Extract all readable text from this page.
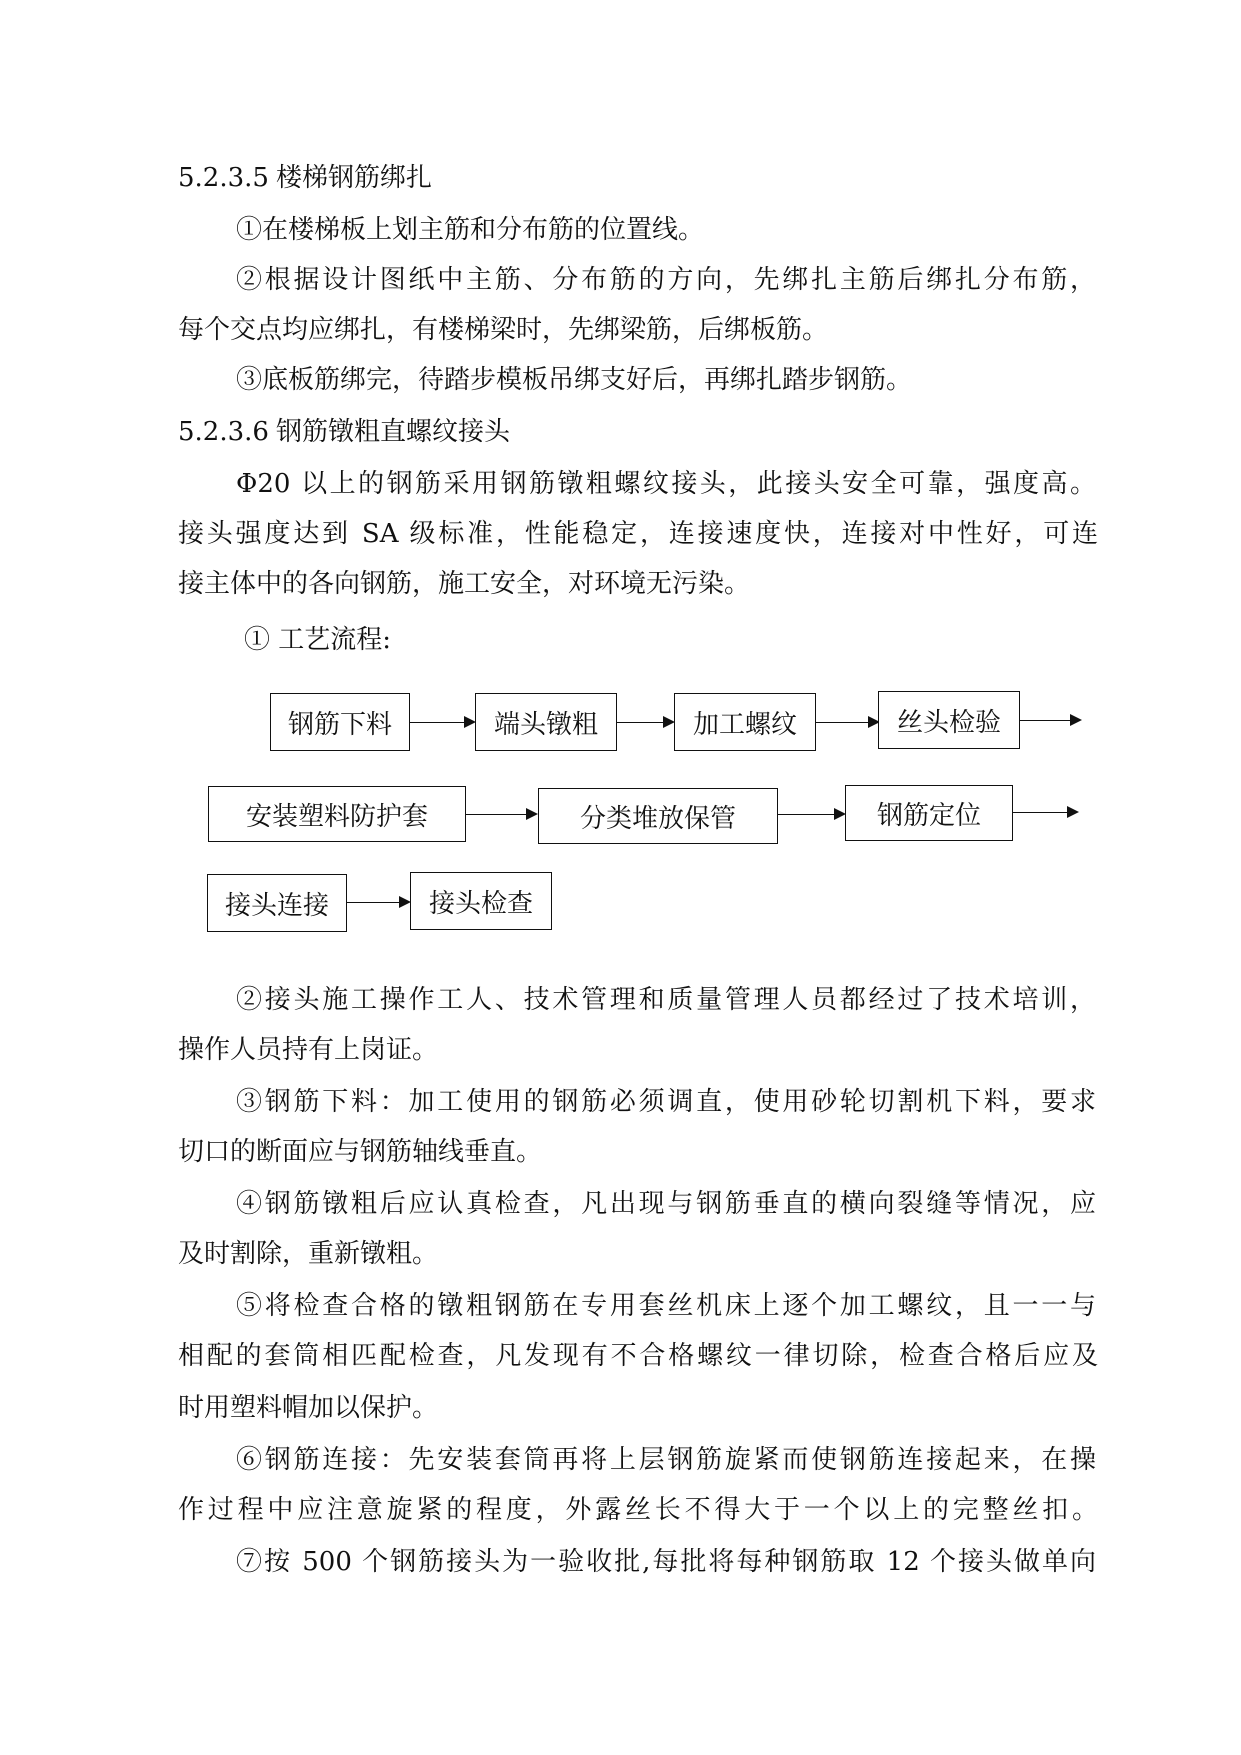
5.2.3.5 楼梯钢筋绑扎
①在楼梯板上划主筋和分布筋的位置线。
②根据设计图纸中主筋、分布筋的方向，先绑扎主筋后绑扎分布筋，
每个交点均应绑扎，有楼梯梁时，先绑梁筋，后绑板筋。
③底板筋绑完，待踏步模板吊绑支好后，再绑扎踏步钢筋。
5.2.3.6 钢筋镦粗直螺纹接头
Φ20 以上的钢筋采用钢筋镦粗螺纹接头，此接头安全可靠，强度高。
接头强度达到 SA 级标准，性能稳定，连接速度快，连接对中性好，可连
接主体中的各向钢筋，施工安全，对环境无污染。
① 工艺流程:
钢筋下料	端头镦粗	加工螺纹	丝头检验
安装塑料防护套	分类堆放保管	钢筋定位
接头连接	接头检查
②接头施工操作工人、技术管理和质量管理人员都经过了技术培训，
操作人员持有上岗证。
③钢筋下料：加工使用的钢筋必须调直，使用砂轮切割机下料，要求
切口的断面应与钢筋轴线垂直。
④钢筋镦粗后应认真检查，凡出现与钢筋垂直的横向裂缝等情况，应
及时割除，重新镦粗。
⑤将检查合格的镦粗钢筋在专用套丝机床上逐个加工螺纹，且一一与
相配的套筒相匹配检查，凡发现有不合格螺纹一律切除，检查合格后应及
时用塑料帽加以保护。
⑥钢筋连接：先安装套筒再将上层钢筋旋紧而使钢筋连接起来，在操
作过程中应注意旋紧的程度，外露丝长不得大于一个以上的完整丝扣。
⑦按 500 个钢筋接头为一验收批,每批将每种钢筋取 12 个接头做单向
